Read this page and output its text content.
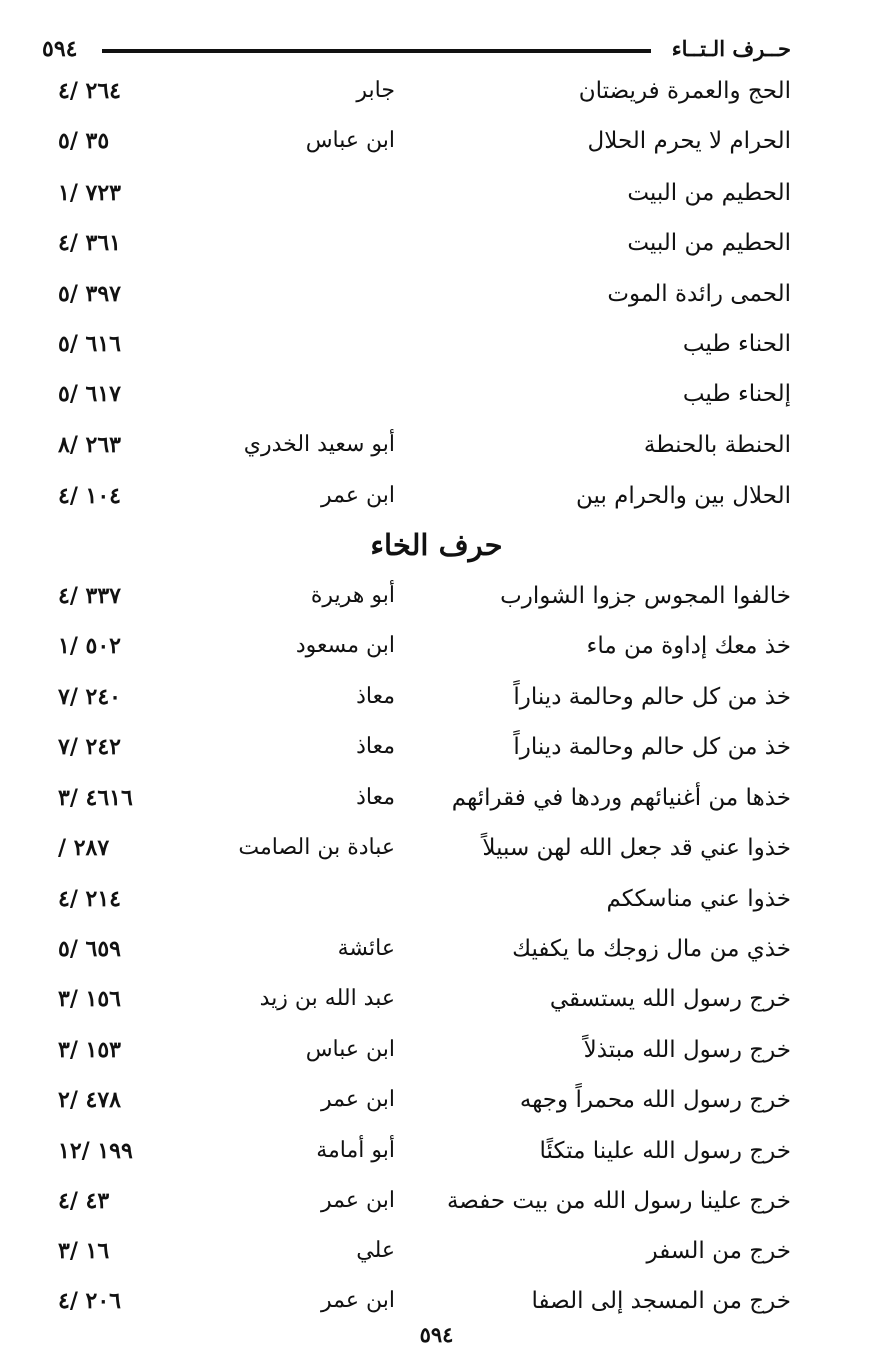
٥٩٤	حــرف الـتــاء
الحج والعمرة فريضتان
جابر
٢٦٤ /٤
الحرام لا يحرم الحلال
ابن عباس
٣٥ /٥
الحطيم من البيت
٧٢٣ /١
الحطيم من البيت
٣٦١ /٤
الحمى رائدة الموت
٣٩٧ /٥
الحناء طيب
٦١٦ /٥
إلحناء طيب
٦١٧ /٥
الحنطة بالحنطة
أبو سعيد الخدري
٢٦٣ /٨
الحلال بين والحرام بين
ابن عمر
١٠٤ /٤
خالفوا المجوس جزوا الشوارب
أبو هريرة
٣٣٧ /٤
خذ معك إداوة من ماء
ابن مسعود
٥٠٢ /١
خذ من كل حالم وحالمة ديناراً
معاذ
٢٤٠ /٧
خذ من كل حالم وحالمة ديناراً
معاذ
٢٤٢ /٧
خذها من أغنيائهم وردها في فقرائهم
معاذ
٤٦١٦ /٣
خذوا عني قد جعل الله لهن سبيلاً
عبادة بن الصامت
٢٨٧ /
خذوا عني مناسككم
٢١٤ /٤
خذي من مال زوجك ما يكفيك
عائشة
٦٥٩ /٥
خرج رسول الله يستسقي
عبد الله بن زيد
١٥٦ /٣
خرج رسول الله مبتذلاً
ابن عباس
١٥٣ /٣
خرج رسول الله محمراً وجهه
ابن عمر
٤٧٨ /٢
خرج رسول الله علينا متكئًا
أبو أمامة
١٩٩ /١٢
خرج علينا رسول الله من بيت حفصة
ابن عمر
٤٣ /٤
خرج من السفر
علي
١٦ /٣
خرج من المسجد إلى الصفا
ابن عمر
٢٠٦ /٤
حرف الخاء
٥٩٤
